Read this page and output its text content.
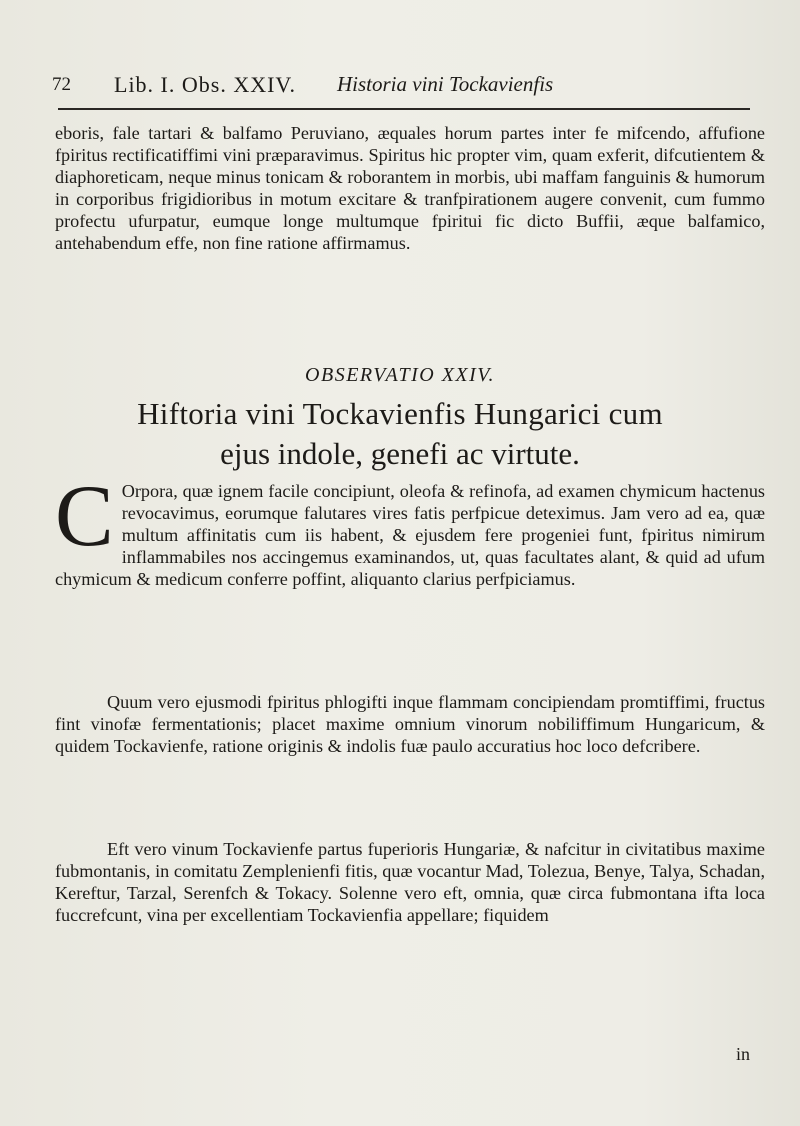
72 Lib. I. Obs. XXIV. Historia vini Tockavienfis

eboris, fale tartari & balfamo Peruviano, æquales horum partes inter fe mifcendo, affufione fpiritus rectificatiffimi vini præparavimus. Spiritus hic propter vim, quam exferit, difcutientem & diaphoreticam, neque minus tonicam & roborantem in morbis, ubi maffam fanguinis & humorum in corporibus frigidioribus in motum excitare & tranfpirationem augere convenit, cum fummo profectu ufurpatur, eumque longe multumque fpiritui fic dicto Buffii, æque balfamico, antehabendum effe, non fine ratione affirmamus.

OBSERVATIO XXIV.
Hiftoria vini Tockavienfis Hungarici cum
ejus indole, genefi ac virtute.
C Orpora, quæ ignem facile concipiunt, oleofa & refinofa, ad examen chymicum hactenus revocavimus, eorumque falutares vires fatis perfpicue deteximus. Jam vero ad ea, quæ multum affinitatis cum iis habent, & ejusdem fere progeniei funt, fpiritus nimirum inflammabiles nos accingemus examinandos, ut, quas facultates alant, & quid ad ufum chymicum & medicum conferre poffint, aliquanto clarius perfpiciamus.

Quum vero ejusmodi fpiritus phlogifti inque flammam concipiendam promtiffimi, fructus fint vinofæ fermentationis; placet maxime omnium vinorum nobiliffimum Hungaricum, & quidem Tockavienfe, ratione originis & indolis fuæ paulo accuratius hoc loco defcribere.

Eft vero vinum Tockavienfe partus fuperioris Hungariæ, & nafcitur in civitatibus maxime fubmontanis, in comitatu Zemplenienfi fitis, quæ vocantur Mad, Tolezua, Benye, Talya, Schadan, Kereftur, Tarzal, Serenfch & Tokacy. Solenne vero eft, omnia, quæ circa fubmontana ifta loca fuccrefcunt, vina per excellentiam Tockavienfia appellare; fiquidem

in
